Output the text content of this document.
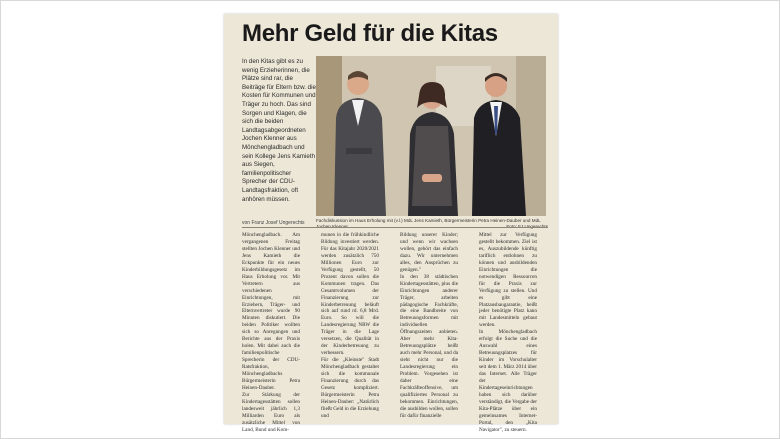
Mehr Geld für die Kitas
In den Kitas gibt es zu wenig Erzieherinnen, die Plätze sind rar, die Beiträge für Eltern bzw. die Kosten für Kommunen und Träger zu hoch. Das sind Sorgen und Klagen, die sich die beiden Landtagsabgeordneten Jochen Klenner aus Mönchengladbach und sein Kollege Jens Kamieth aus Siegen, familienpolitischer Sprecher der CDU-Landtagsfraktion, oft anhören müssen.
Fachdiskussion im Haus Erholung mit (v.l.) MdL Jens Kamieth, Bürgermeisterin Petra Heinen-Dauber und MdL
von Franz Josef Ungerechts
Mönchengladbach. Am vergangenen Freitag stellten Jochen Klenner und Jens Kamieth die Eckpunkte für ein neues Kinderbildungsgesetz im Haus Erholung vor. Mit Vertretern aus verschiedenen Einrichtungen, mit Erziehern, Träger- und Elternvertreter wurde 90 Minuten diskutiert. Die beiden Politiker wollten sich so Anregungen und Berichte aus der Praxis holen. Mit dabei auch die familienpolitische Sprecherin der CDU-Ratsfraktion, Mönchengladbachs Bürgermeisterin Petra Heinen-Dauber.
Zur Stärkung der Kindertagesstätten sollen landesweit jährlich 1,3 Milliarden Euro als zusätzliche Mittel von Land, Bund und Kom-
munen in die frühkindliche Bildung investiert werden. Für das Kitajahr 2020/2021 werden zusätzlich 750 Millionen Euro zur Verfügung gestellt, 50 Prozent davon sollen die Kommunen tragen. Das Gesamtvolumen der Finanzierung zur Kinderbetreuung beläuft sich auf rund rd. 6,8 Mrd. Euro. So will die Landesregierung NRW die Träger in die Lage versetzen, die Qualität in der Kinderbetreuung zu verbessern.
Für die „Kleinste" Stadt Mönchengladbach gestaltet sich die kommunale Finanzierung durch das Gesetz kompliziert. Bürgermeisterin Petra Heinen-Dauber: „Natürlich fließt Geld in die Erziehung und
Bildung unserer Kinder; und wenn wir wachsen wollen, gehört das einfach dazu. Wir unternehmen alles, den Ansprüchen zu genügen."
In den 38 städtischen Kindertagesstätten, plus die Einrichtungen anderer Träger, arbeiten pädagogische Fachkräfte, die eine Bandbreite von Betreuungsformen mit individuellen Öffnungszeiten anbieten. Aber mehr Kita-Betreuungsplätze heißt auch mehr Personal, und da sieht nicht nur die Landesregierung ein Problem. Vorgesehen ist daher eine Fachkräfteoffensive, um qualifiziertes Personal zu bekommen. Einrichtungen, die ausbilden wollen, sollen für dafür finanzielle
Mittel zur Verfügung gestellt bekommen. Ziel ist es, Auszubildende künftig tariflich entlohnen zu können und ausbildenden Einrichtungen die notwendigen Ressourcen für die Praxis zur Verfügung zu stellen. Und es gibt eine Platzausbaugarantie, heißt jeder benötigte Platz kann mit Landesmitteln gebaut werden.
In Mönchengladbach erfolgt die Suche und die Auswahl eines Betreuungsplatzes für Kinder im Vorschulalter seit dem 1. März 2014 über das Internet. Alle Träger der Kindertageseinrichtungen haben sich darüber verständigt, die Vergabe der Kita-Plätze über ein gemeinsames Internet-Portal, den „Kita Navigator", zu steuern.
